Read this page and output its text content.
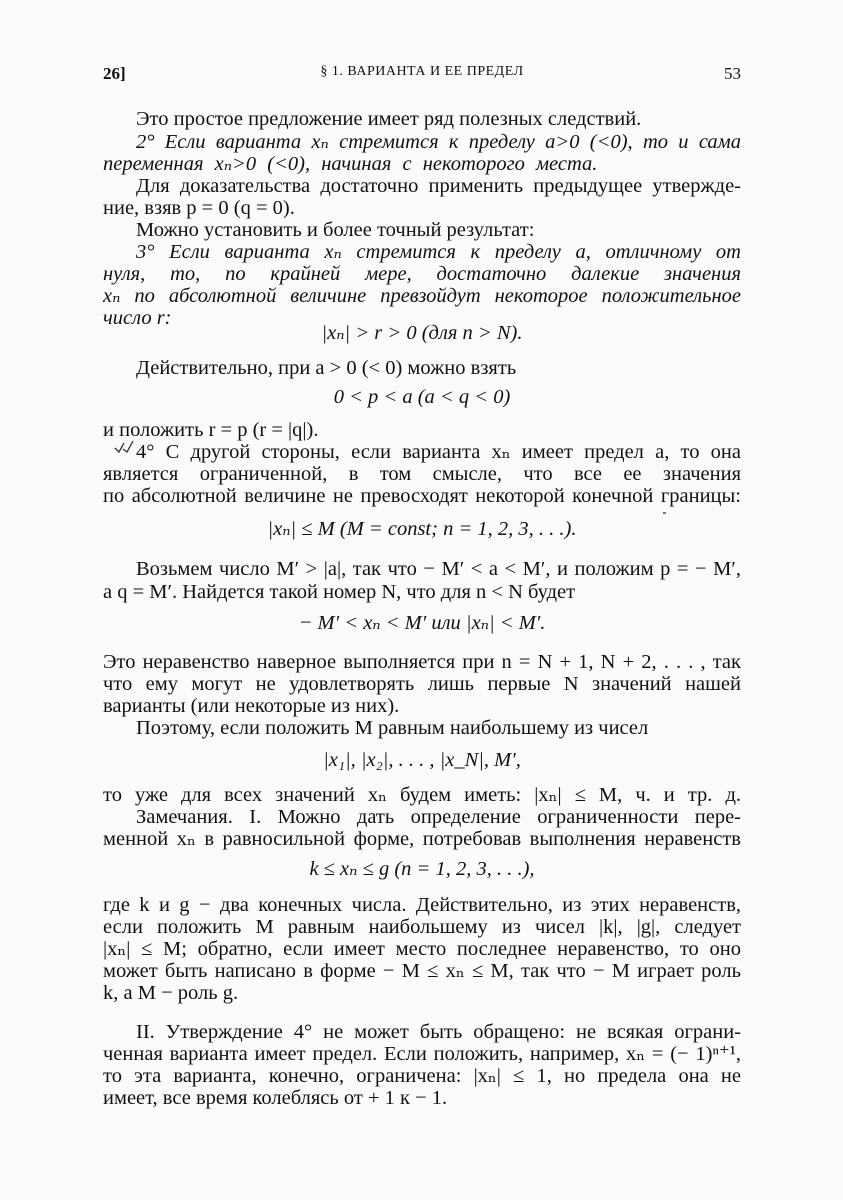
26]	§ 1. ВАРИАНТА И ЕЕ ПРЕДЕЛ	53
Это простое предложение имеет ряд полезных следствий.
2° Если варианта xₙ стремится к пределу a>0 (<0), то и сама
переменная xₙ>0 (<0), начиная с некоторого места.
Для доказательства достаточно применить предыдущее утвержде-
ние, взяв p = 0 (q = 0).
Можно установить и более точный результат:
3° Если варианта xₙ стремится к пределу a, отличному от
нуля, то, по крайней мере, достаточно далекие значения
xₙ по абсолютной величине превзойдут некоторое положительное
число r:
|xₙ| > r > 0 (для n > N).
Действительно, при a > 0 (< 0) можно взять
0 < p < a (a < q < 0)
и положить r = p (r = |q|).
4° С другой стороны, если варианта xₙ имеет предел a, то она
является ограниченной, в том смысле, что все ее значения
по абсолютной величине не превосходят некоторой конечной границы:
|xₙ| ≤ M (M = const; n = 1, 2, 3, . . .).
Возьмем число M′ > |a|, так что − M′ < a < M′, и положим p = − M′,
а q = M′. Найдется такой номер N, что для n < N будет
− M′ < xₙ < M′ или |xₙ| < M′.
Это неравенство наверное выполняется при n = N + 1, N + 2, . . . , так
что ему могут не удовлетворять лишь первые N значений нашей
варианты (или некоторые из них).
Поэтому, если положить M равным наибольшему из чисел
|x₁|, |x₂|, . . . , |x_N|, M′,
то уже для всех значений xₙ будем иметь: |xₙ| ≤ M, ч. и тр. д.
Замечания. I. Можно дать определение ограниченности пере-
менной xₙ в равносильной форме, потребовав выполнения неравенств
k ≤ xₙ ≤ g (n = 1, 2, 3, . . .),
где k и g − два конечных числа. Действительно, из этих неравенств,
если положить M равным наибольшему из чисел |k|, |g|, следует
|xₙ| ≤ M; обратно, если имеет место последнее неравенство, то оно
может быть написано в форме − M ≤ xₙ ≤ M, так что − M играет роль
k, а M − роль g.
II. Утверждение 4° не может быть обращено: не всякая ограни-
ченная варианта имеет предел. Если положить, например, xₙ = (− 1)ⁿ⁺¹,
то эта варианта, конечно, ограничена: |xₙ| ≤ 1, но предела она не
имеет, все время колеблясь от + 1 к − 1.
